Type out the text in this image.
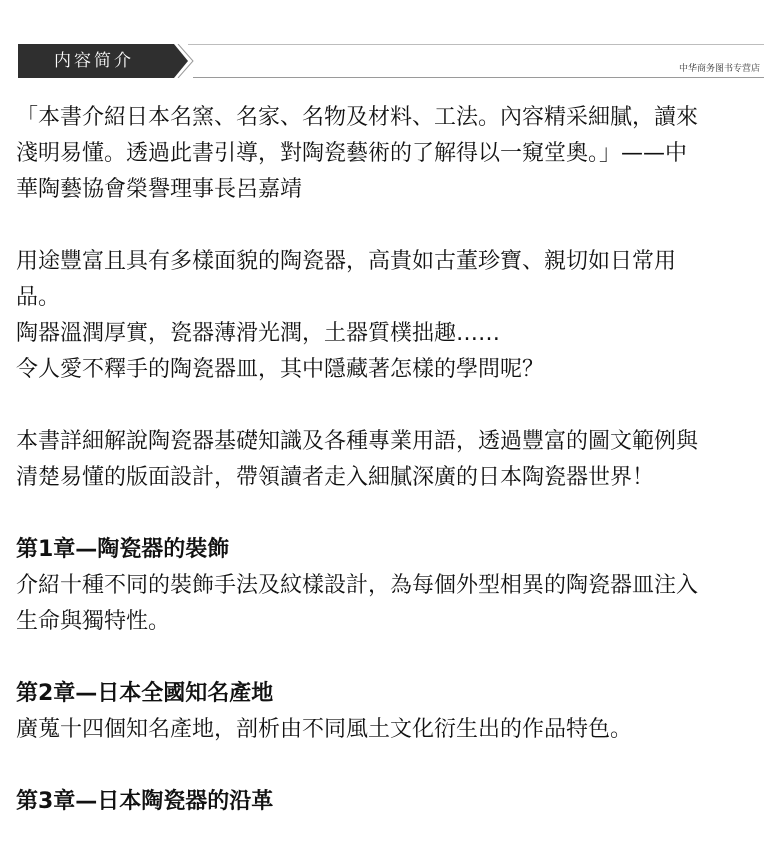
内容简介	中华商务图书专营店
「本書介紹日本名窯、名家、名物及材料、工法。內容精采細膩，讀來
淺明易懂。透過此書引導，對陶瓷藝術的了解得以一窺堂奧。」——中
華陶藝協會榮譽理事長呂嘉靖
用途豐富且具有多樣面貌的陶瓷器，高貴如古董珍寶、親切如日常用
品。
陶器溫潤厚實，瓷器薄滑光潤，土器質樸拙趣……
令人愛不釋手的陶瓷器皿，其中隱藏著怎樣的學問呢？
本書詳細解說陶瓷器基礎知識及各種專業用語，透過豐富的圖文範例與
清楚易懂的版面設計，帶領讀者走入細膩深廣的日本陶瓷器世界！
第1章—陶瓷器的裝飾
介紹十種不同的裝飾手法及紋樣設計，為每個外型相異的陶瓷器皿注入
生命與獨特性。
第2章—日本全國知名產地
廣蒐十四個知名產地，剖析由不同風土文化衍生出的作品特色。
第3章—日本陶瓷器的沿革
